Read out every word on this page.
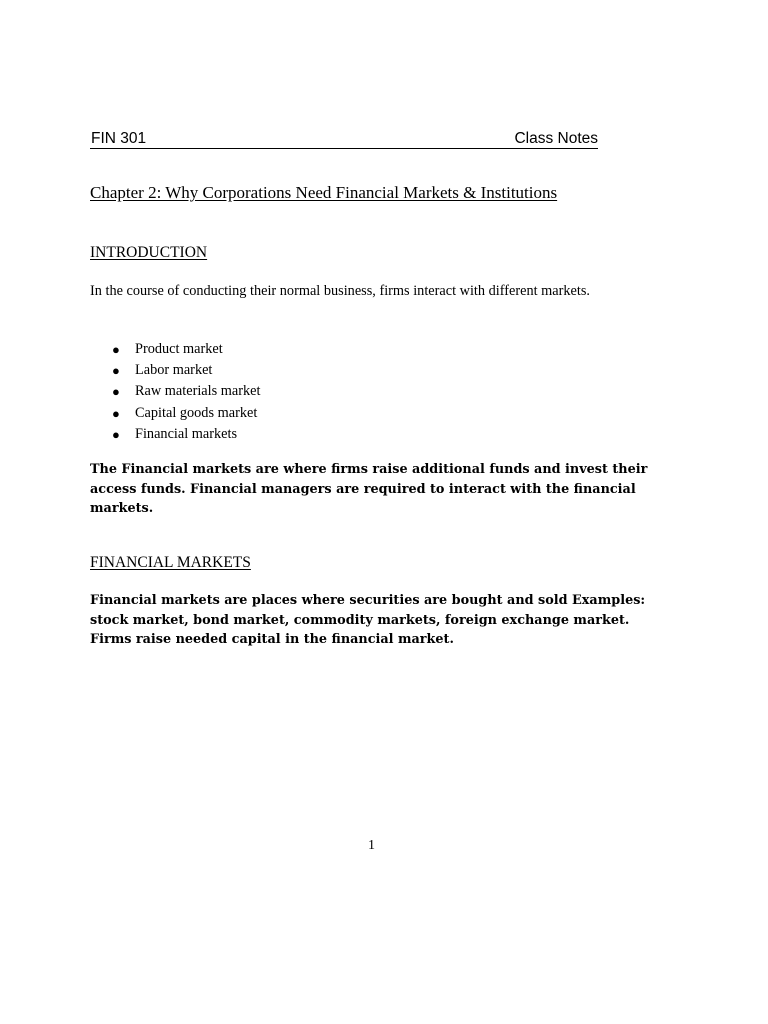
FIN 301	Class Notes
Chapter 2: Why Corporations Need Financial Markets & Institutions
INTRODUCTION

In the course of conducting their normal business, firms interact with different markets.

● Product market
● Labor market
● Raw materials market
● Capital goods market
● Financial markets

The Financial markets are where firms raise additional funds and invest their access funds. Financial managers are required to interact with the financial markets.

FINANCIAL MARKETS

Financial markets are places where securities are bought and sold Examples: stock market, bond market, commodity markets, foreign exchange market. Firms raise needed capital in the financial market.

1
